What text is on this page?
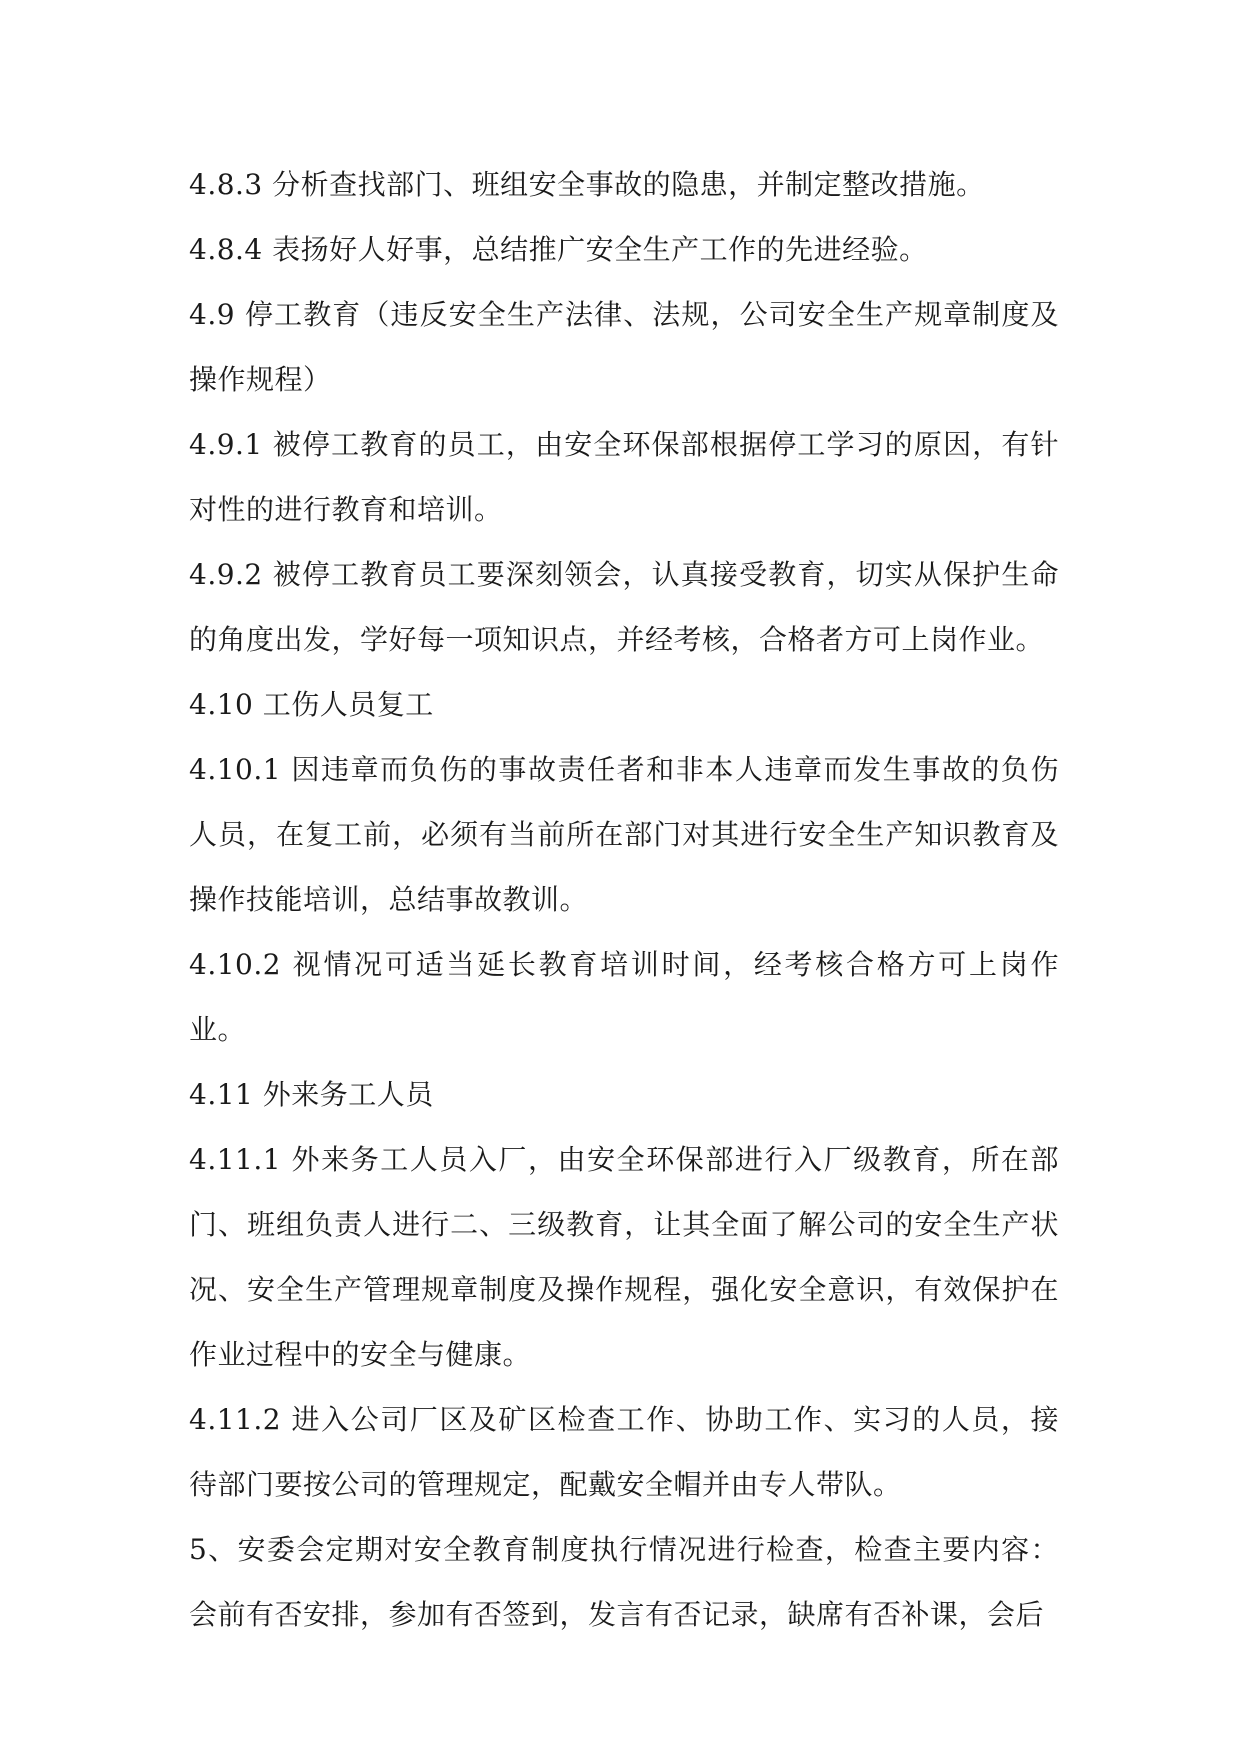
4.8.3 分析查找部门、班组安全事故的隐患，并制定整改措施。

4.8.4 表扬好人好事，总结推广安全生产工作的先进经验。

4.9 停工教育（违反安全生产法律、法规，公司安全生产规章制度及操作规程）

4.9.1 被停工教育的员工，由安全环保部根据停工学习的原因，有针对性的进行教育和培训。

4.9.2 被停工教育员工要深刻领会，认真接受教育，切实从保护生命的角度出发，学好每一项知识点，并经考核，合格者方可上岗作业。

4.10 工伤人员复工

4.10.1 因违章而负伤的事故责任者和非本人违章而发生事故的负伤人员，在复工前，必须有当前所在部门对其进行安全生产知识教育及操作技能培训，总结事故教训。

4.10.2 视情况可适当延长教育培训时间，经考核合格方可上岗作业。

4.11 外来务工人员

4.11.1 外来务工人员入厂，由安全环保部进行入厂级教育，所在部门、班组负责人进行二、三级教育，让其全面了解公司的安全生产状况、安全生产管理规章制度及操作规程，强化安全意识，有效保护在作业过程中的安全与健康。

4.11.2 进入公司厂区及矿区检查工作、协助工作、实习的人员，接待部门要按公司的管理规定，配戴安全帽并由专人带队。

5、安委会定期对安全教育制度执行情况进行检查，检查主要内容：会前有否安排，参加有否签到，发言有否记录，缺席有否补课，会后
